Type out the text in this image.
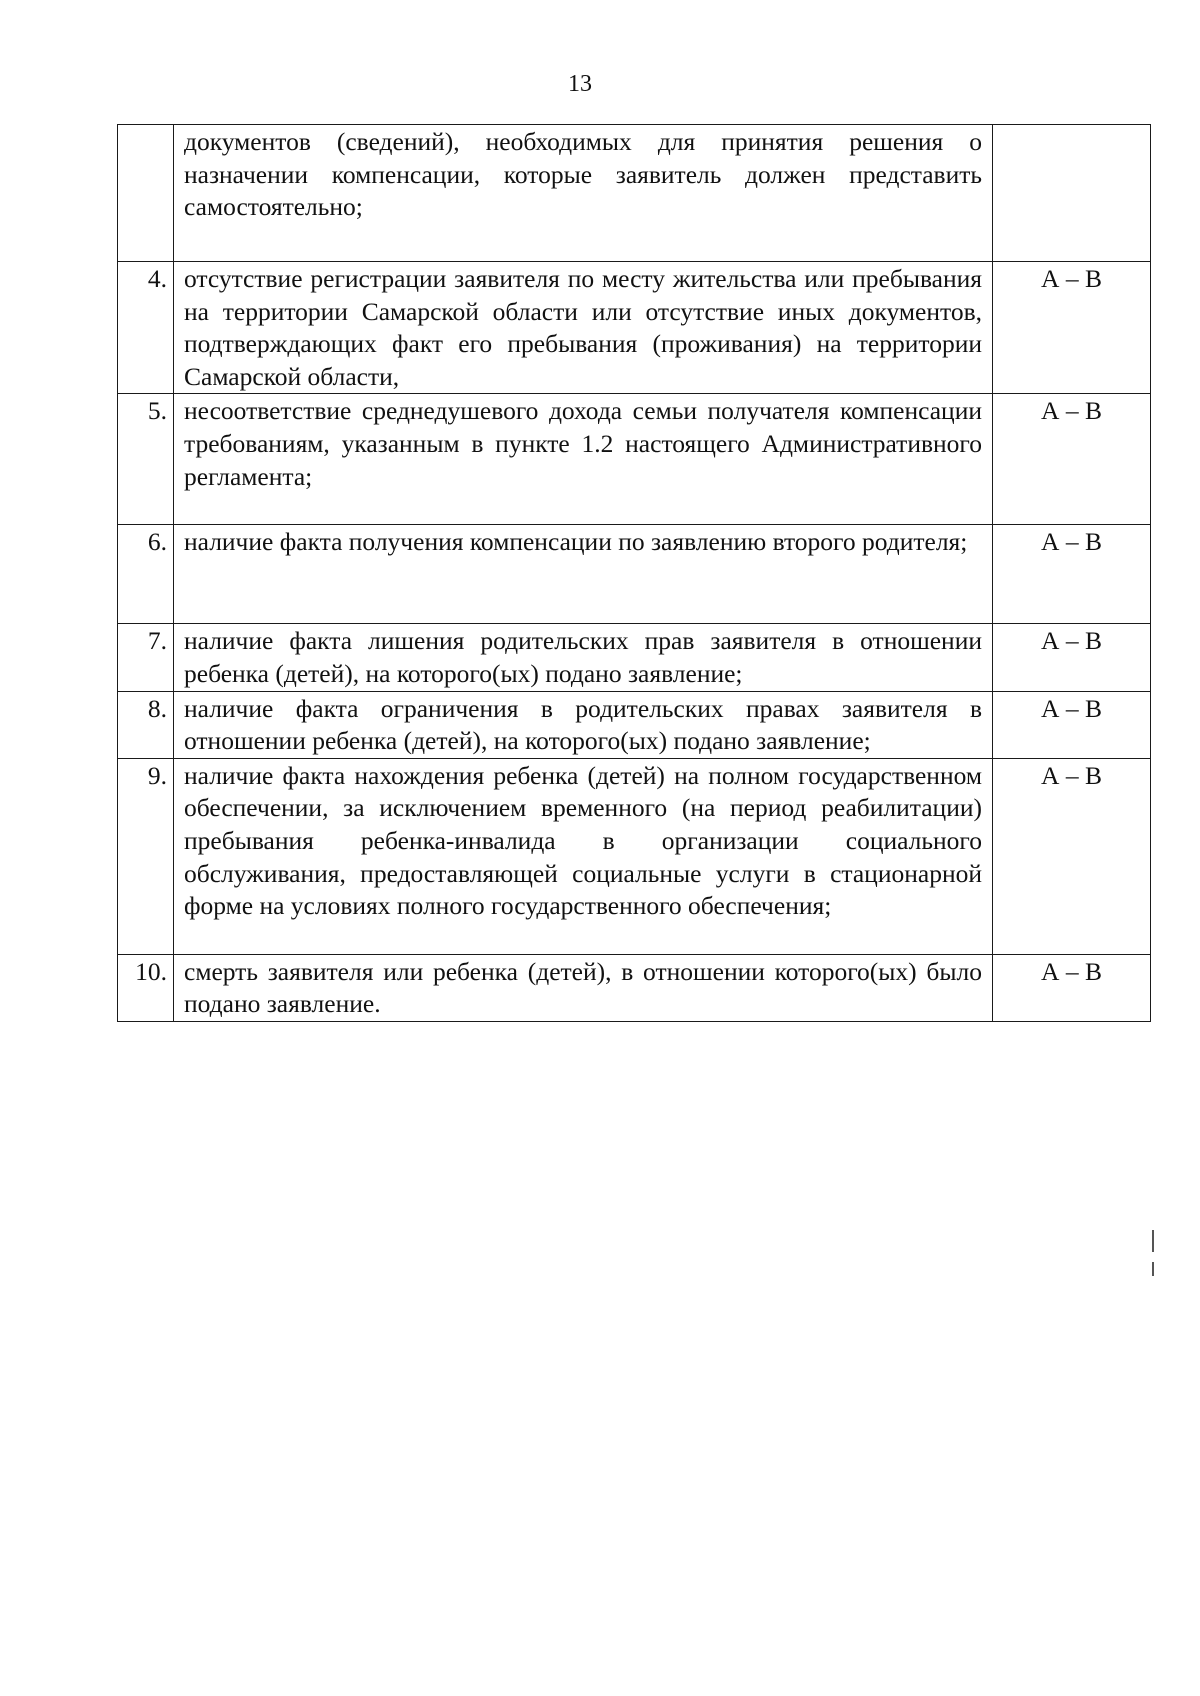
13

	документов (сведений), необходимых для принятия решения о назначении компенсации, которые заявитель должен представить самостоятельно;	

4.	отсутствие регистрации заявителя по месту жительства или пребывания на территории Самарской области или отсутствие иных документов, подтверждающих факт его пребывания (проживания) на территории Самарской области,	А – В

5.	несоответствие среднедушевого дохода семьи получателя компенсации требованиям, указанным в пункте 1.2 настоящего Административного регламента;	А – В

6.	наличие факта получения компенсации по заявлению второго родителя;	А – В

7.	наличие факта лишения родительских прав заявителя в отношении ребенка (детей), на которого(ых) подано заявление;	А – В

8.	наличие факта ограничения в родительских правах заявителя в отношении ребенка (детей), на которого(ых) подано заявление;	А – В

9.	наличие факта нахождения ребенка (детей) на полном государственном обеспечении, за исключением временного (на период реабилитации) пребывания ребенка-инвалида в организации социального обслуживания, предоставляющей социальные услуги в стационарной форме на условиях полного государственного обеспечения;	А – В

10.	смерть заявителя или ребенка (детей), в отношении которого(ых) было подано заявление.	А – В
